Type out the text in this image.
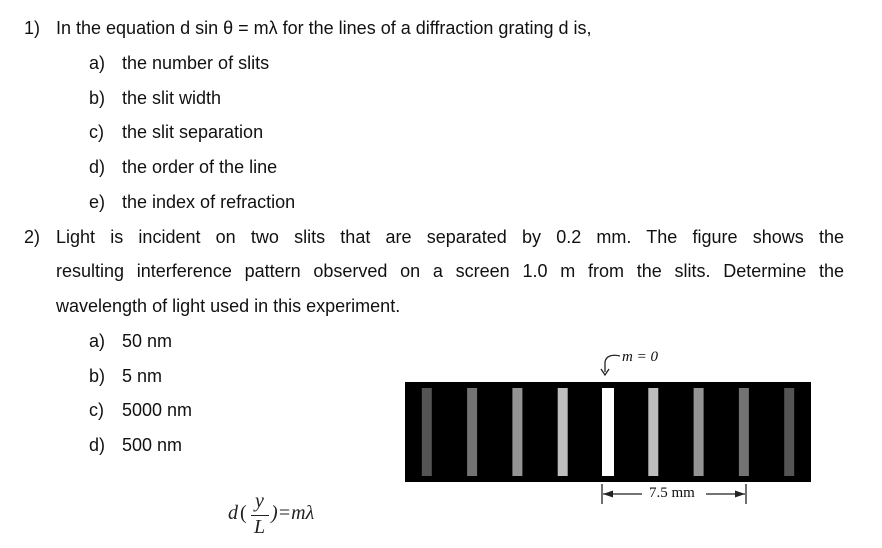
1) In the equation d sin θ = mλ for the lines of a diffraction grating d is,
a) the number of slits
b) the slit width
c) the slit separation
d) the order of the line
e) the index of refraction
2) Light is incident on two slits that are separated by 0.2 mm. The figure shows the
resulting interference pattern observed on a screen 1.0 m from the slits. Determine the
wavelength of light used in this experiment.
a) 50 nm
b) 5 nm
c) 5000 nm
d) 500 nm
m = 0
7.5 mm
d (
y
L
)=mλ
